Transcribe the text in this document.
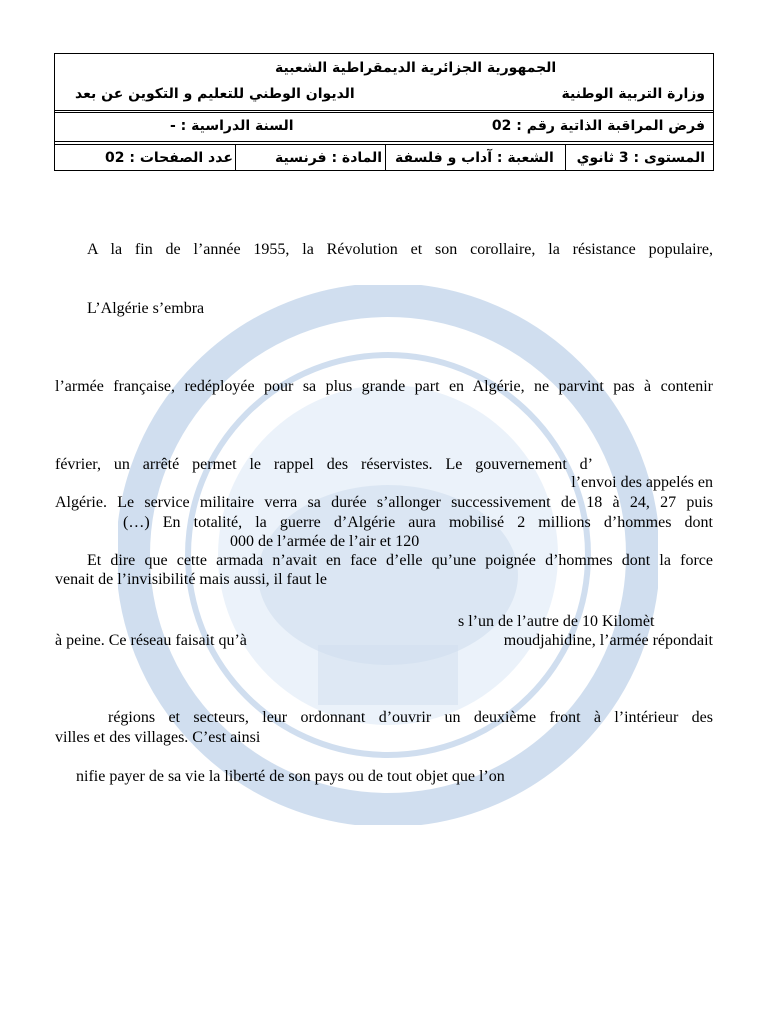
الجمهورية الجزائرية الديمقراطية الشعبية
وزارة التربية الوطنية
الديوان الوطني للتعليم و التكوين عن بعد
فرض المراقبة الذاتية رقم : 02
السنة الدراسية : -
المستوى : 3 ثانوي
الشعبة : آداب و فلسفة
المادة : فرنسية
عدد الصفحات : 02
A la fin de l’année 1955, la Révolution et son corollaire, la résistance populaire,
L’Algérie s’embra
l’armée française, redéployée pour sa plus grande part en Algérie, ne parvint pas à contenir
février, un arrêté permet le rappel des réservistes. Le gouvernement d’
l’envoi des appelés en
Algérie. Le service militaire verra sa durée s’allonger successivement de 18 à 24, 27 puis
(…) En totalité, la guerre d’Algérie aura mobilisé 2 millions d’hommes dont
000 de l’armée de l’air et 120
Et dire que cette armada n’avait en face d’elle qu’une poignée d’hommes dont la force
venait de l’invisibilité mais aussi, il faut le
s l’un de l’autre de 10 Kilomèt
à peine. Ce réseau faisait qu’à	moudjahidine, l’armée répondait
régions et secteurs, leur ordonnant d’ouvrir un deuxième front à l’intérieur des
villes et des villages. C’est ainsi
nifie payer de sa vie la liberté de son pays ou de tout objet que l’on
